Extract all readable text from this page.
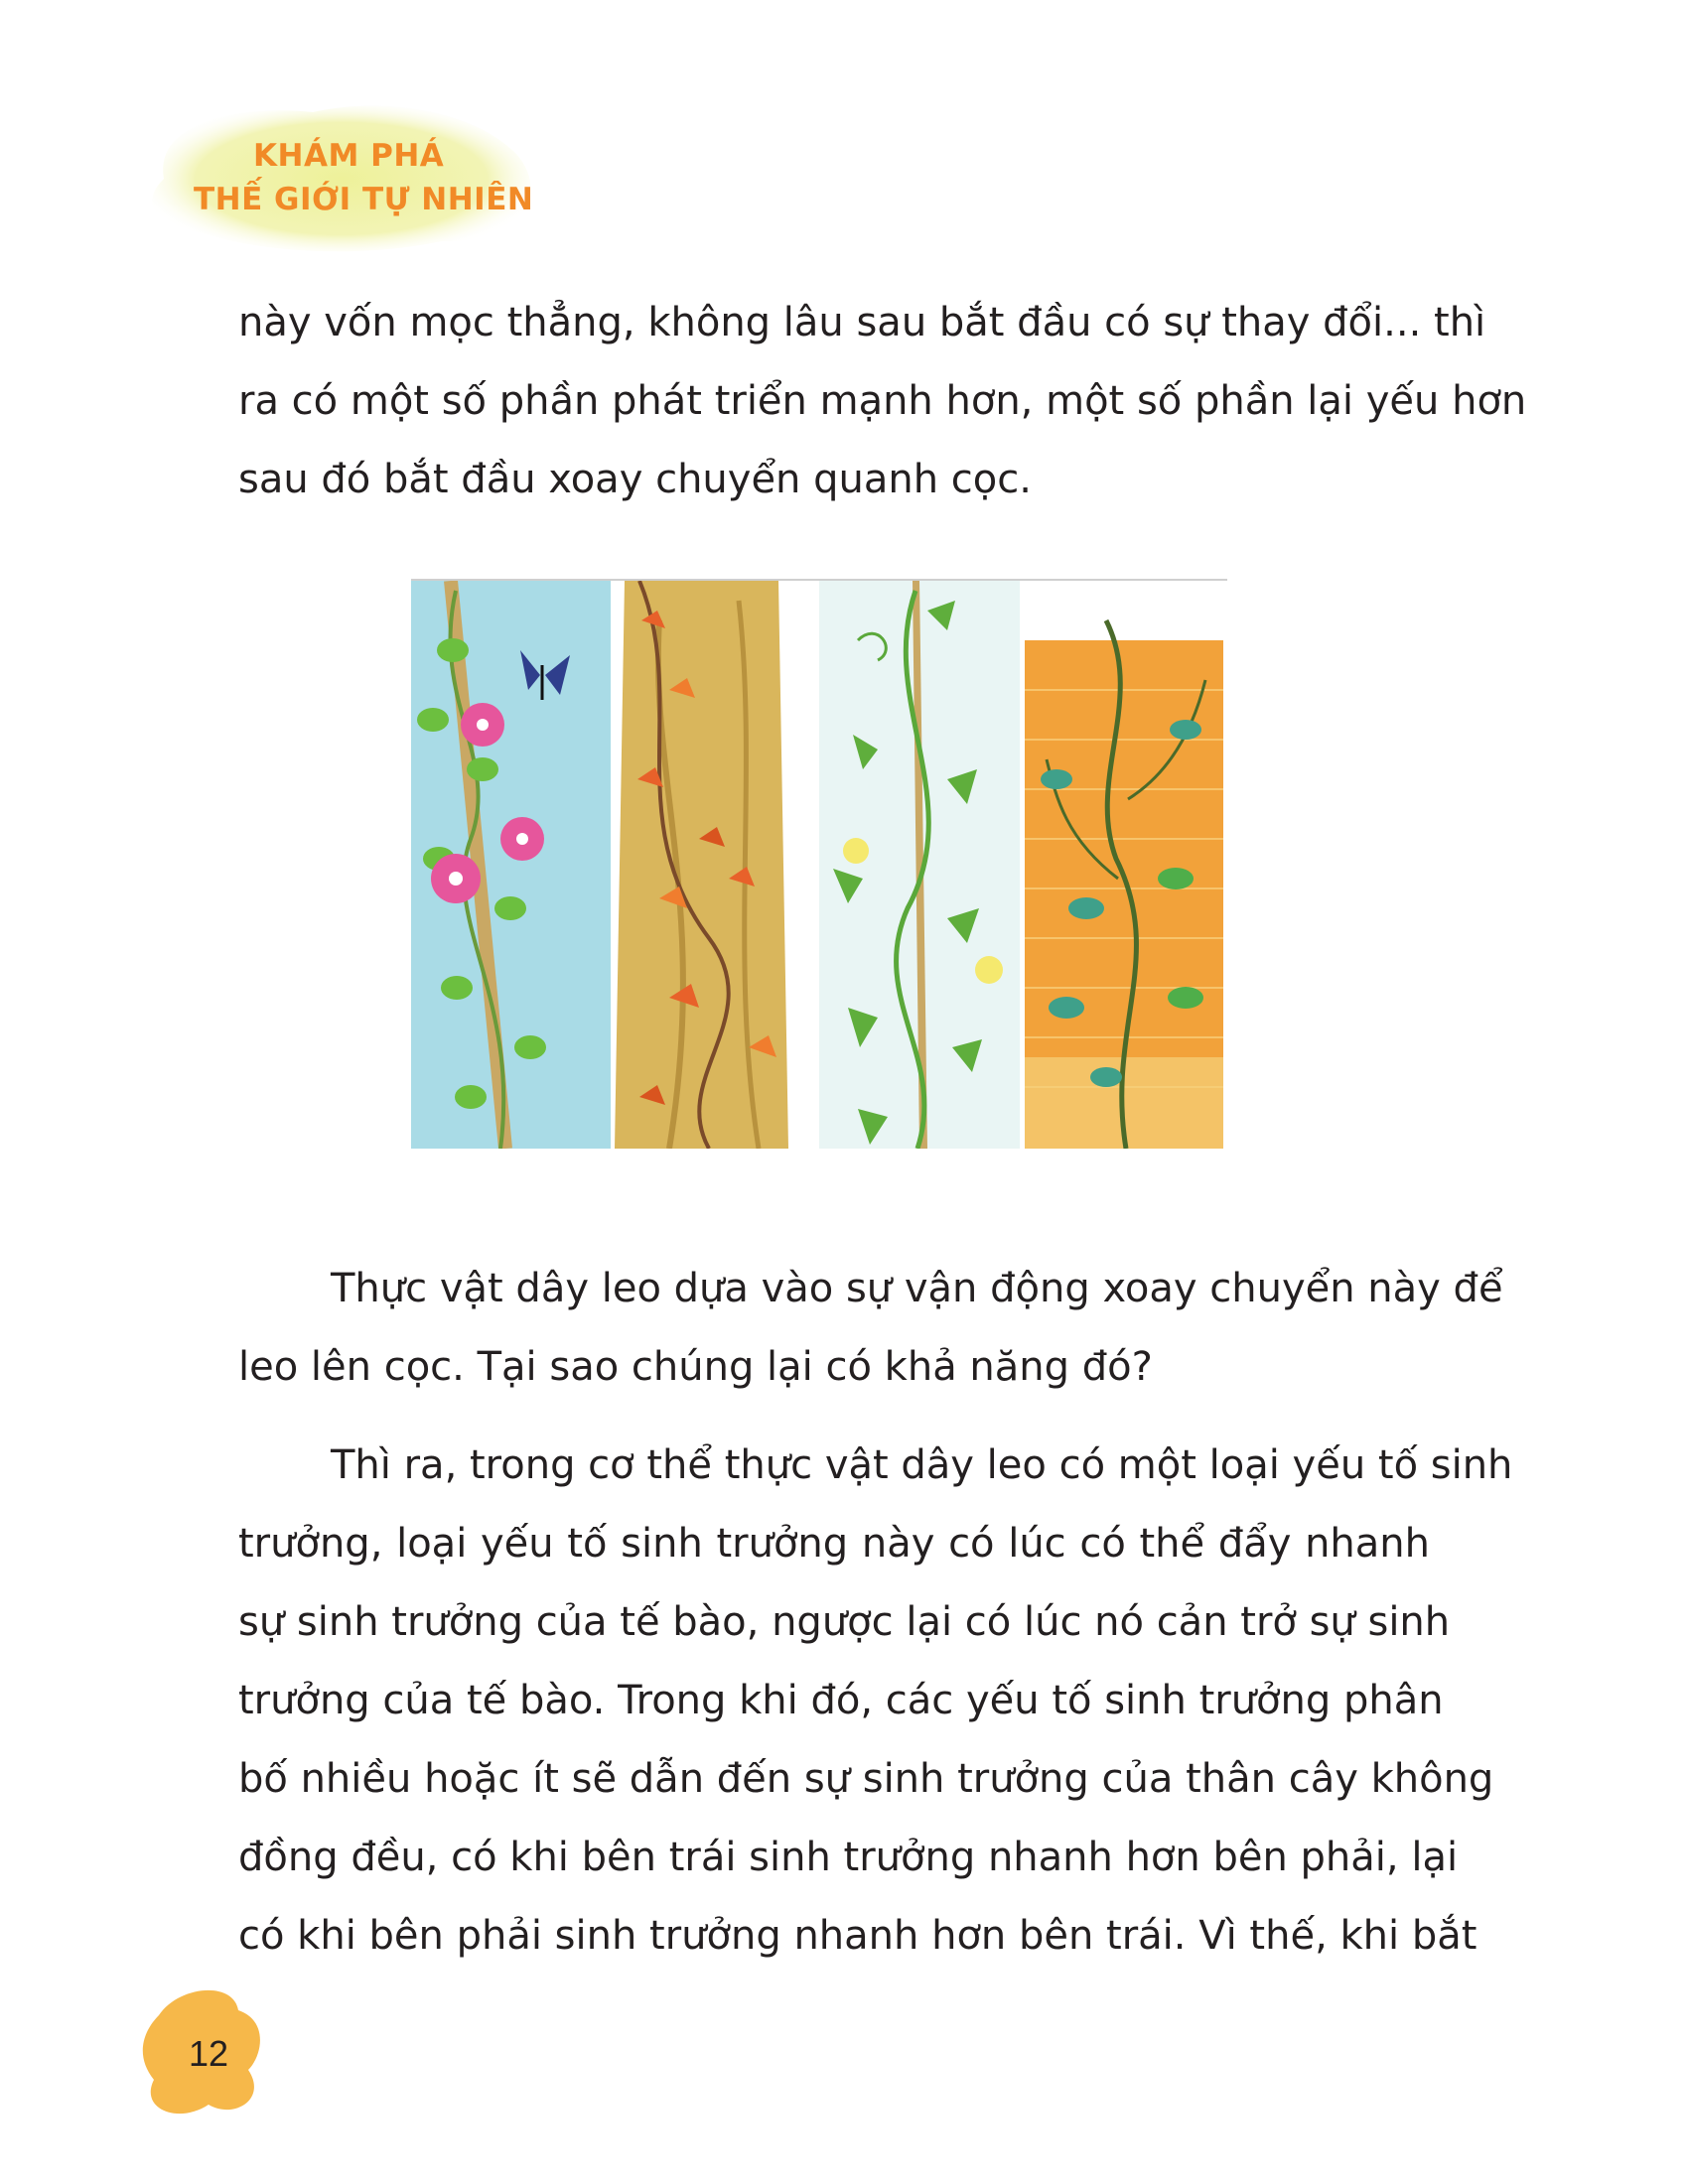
KHÁM PHÁ
THẾ GIỚI TỰ NHIÊN
này vốn mọc thẳng, không lâu sau bắt đầu có sự thay đổi... thì
ra có một số phần phát triển mạnh hơn, một số phần lại yếu hơn
sau đó bắt đầu xoay chuyển quanh cọc.
Thực vật dây leo dựa vào sự vận động xoay chuyển này để
leo lên cọc. Tại sao chúng lại có khả năng đó?
Thì ra, trong cơ thể thực vật dây leo có một loại yếu tố sinh
trưởng, loại yếu tố sinh trưởng này có lúc có thể đẩy nhanh
sự sinh trưởng của tế bào, ngược lại có lúc nó cản trở sự sinh
trưởng của tế bào. Trong khi đó, các yếu tố sinh trưởng phân
bố nhiều hoặc ít sẽ dẫn đến sự sinh trưởng của thân cây không
đồng đều, có khi bên trái sinh trưởng nhanh hơn bên phải, lại
có khi bên phải sinh trưởng nhanh hơn bên trái. Vì thế, khi bắt
12
